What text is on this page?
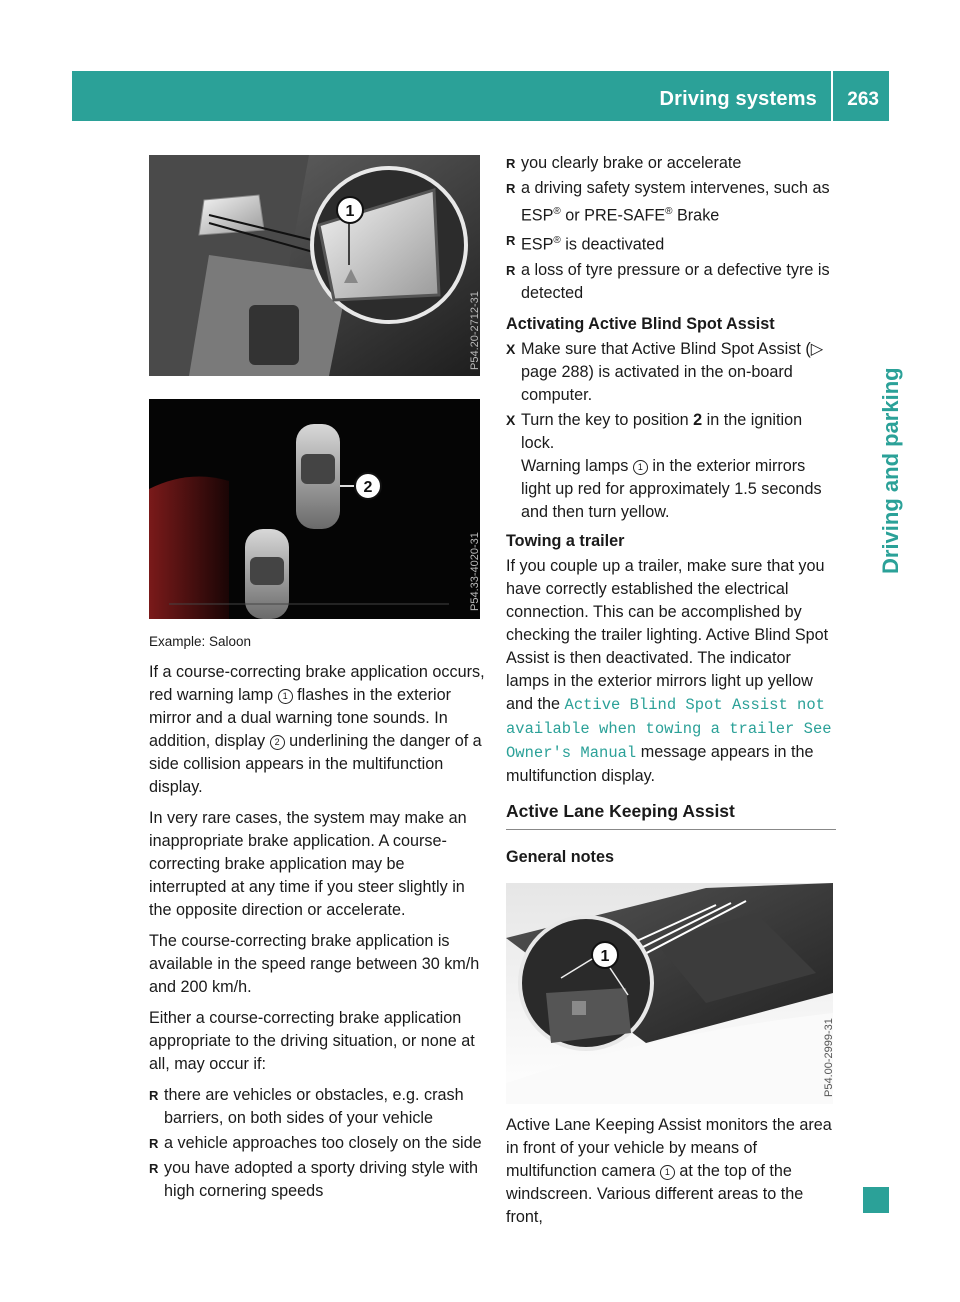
Driving systems 263
Driving and parking
1
P54.20-2712-31
2
P54.33-4020-31

Example: Saloon

If a course-correcting brake application occurs, red warning lamp 1 flashes in the exterior mirror and a dual warning tone sounds. In addition, display 2 underlining the danger of a side collision appears in the multifunction display.

In very rare cases, the system may make an inappropriate brake application. A course-correcting brake application may be interrupted at any time if you steer slightly in the opposite direction or accelerate.

The course-correcting brake application is available in the speed range between 30 km/h and 200 km/h.

Either a course-correcting brake application appropriate to the driving situation, or none at all, may occur if:

R there are vehicles or obstacles, e.g. crash barriers, on both sides of your vehicle
R a vehicle approaches too closely on the side
R you have adopted a sporty driving style with high cornering speeds
R you clearly brake or accelerate
R a driving safety system intervenes, such as ESP® or PRE-SAFE® Brake
R ESP® is deactivated
R a loss of tyre pressure or a defective tyre is detected

Activating Active Blind Spot Assist

X Make sure that Active Blind Spot Assist (▷ page 288) is activated in the on-board computer.
X Turn the key to position 2 in the ignition lock.
Warning lamps 1 in the exterior mirrors light up red for approximately 1.5 seconds and then turn yellow.

Towing a trailer

If you couple up a trailer, make sure that you have correctly established the electrical connection. This can be accomplished by checking the trailer lighting. Active Blind Spot Assist is then deactivated. The indicator lamps in the exterior mirrors light up yellow and the Active Blind Spot Assist not available when towing a trailer See Owner's Manual message appears in the multifunction display.

Active Lane Keeping Assist

General notes

1
P54.00-2999-31

Active Lane Keeping Assist monitors the area in front of your vehicle by means of multifunction camera 1 at the top of the windscreen. Various different areas to the front,
